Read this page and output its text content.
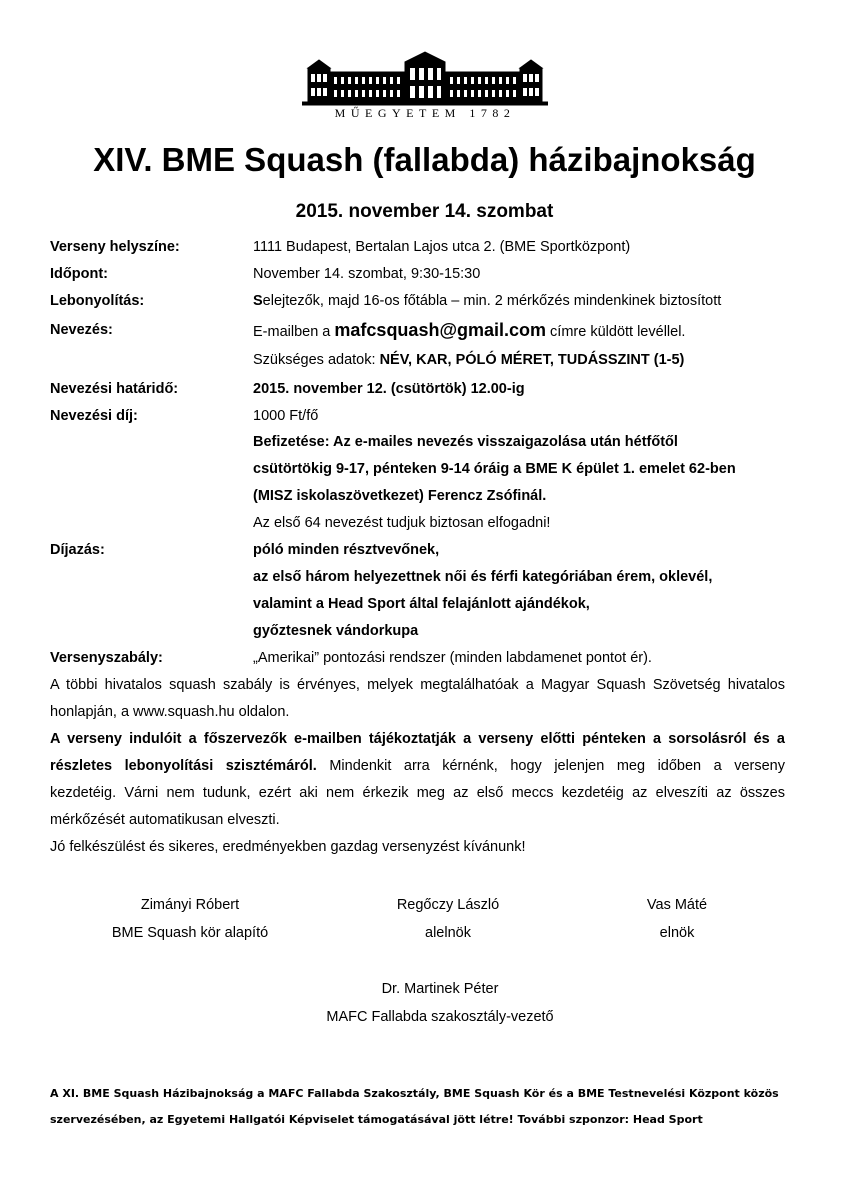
MŰEGYETEM 1782
XIV. BME Squash (fallabda) házibajnokság
2015. november 14. szombat
Verseny helyszíne:	1111 Budapest, Bertalan Lajos utca 2. (BME Sportközpont)
Időpont:	November 14. szombat, 9:30-15:30
Lebonyolítás:	Selejtezők, majd 16-os főtábla – min. 2 mérkőzés mindenkinek biztosított
Nevezés:	E-mailben a mafcsquash@gmail.com címre küldött levéllel.
Szükséges adatok: NÉV, KAR, PÓLÓ MÉRET, TUDÁSSZINT (1-5)
Nevezési határidő:	2015. november 12. (csütörtök) 12.00-ig
Nevezési díj:	1000 Ft/fő
Befizetése: Az e-mailes nevezés visszaigazolása után hétfőtől
csütörtökig 9-17, pénteken 9-14 óráig a BME K épület 1. emelet 62-ben
(MISZ iskolaszövetkezet) Ferencz Zsófinál.
Az első 64 nevezést tudjuk biztosan elfogadni!
Díjazás:	póló minden résztvevőnek,
az első három helyezettnek női és férfi kategóriában érem, oklevél,
valamint a Head Sport által felajánlott ajándékok,
győztesnek vándorkupa
Versenyszabály:	„Amerikai” pontozási rendszer (minden labdamenet pontot ér).
A többi hivatalos squash szabály is érvényes, melyek megtalálhatóak a Magyar Squash Szövetség hivatalos
honlapján, a www.squash.hu oldalon.
A verseny indulóit a főszervezők e-mailben tájékoztatják a verseny előtti pénteken a sorsolásról és a
részletes lebonyolítási szisztémáról. Mindenkit arra kérnénk, hogy jelenjen meg időben a verseny
kezdetéig. Várni nem tudunk, ezért aki nem érkezik meg az első meccs kezdetéig az elveszíti az összes
mérkőzését automatikusan elveszti.
Jó felkészülést és sikeres, eredményekben gazdag versenyzést kívánunk!
Zimányi Róbert
BME Squash kör alapító
Regőczy László
alelnök
Vas Máté
elnök
Dr. Martinek Péter
MAFC Fallabda szakosztály-vezető
A XI. BME Squash Házibajnokság a MAFC Fallabda Szakosztály, BME Squash Kör és a BME Testnevelési Központ közös
szervezésében, az Egyetemi Hallgatói Képviselet támogatásával jött létre! További szponzor: Head Sport
